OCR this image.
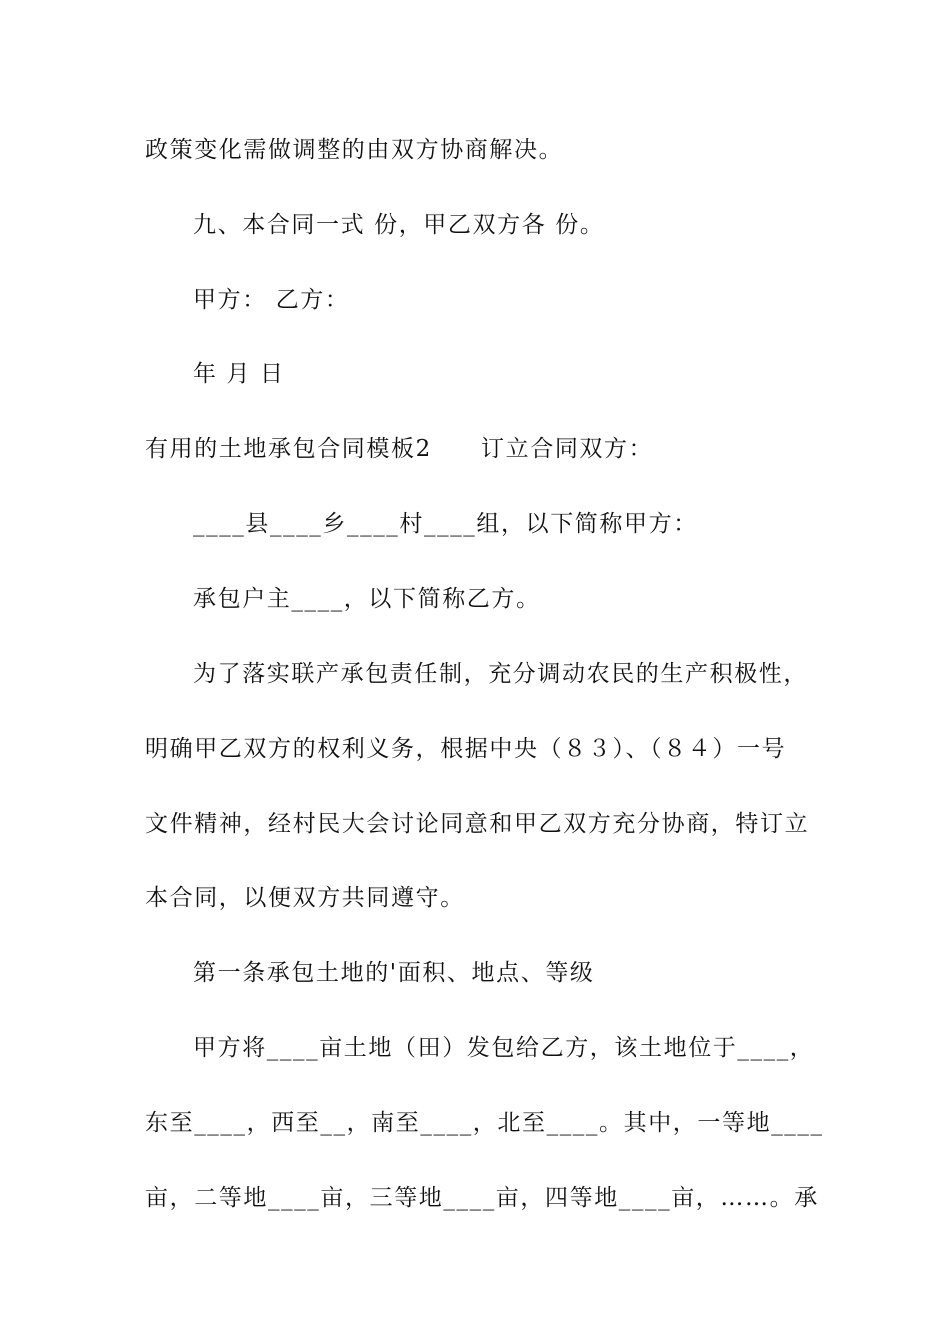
政策变化需做调整的由双方协商解决。
九、本合同一式 份，甲乙双方各 份。
甲方： 乙方：
年 月 日
有用的土地承包合同模板2　　订立合同双方：
____县____乡____村____组，以下简称甲方：
承包户主____，以下简称乙方。
为了落实联产承包责任制，充分调动农民的生产积极性，
明确甲乙双方的权利义务，根据中央（８３）、（８４）一号
文件精神，经村民大会讨论同意和甲乙双方充分协商，特订立
本合同，以便双方共同遵守。
第一条承包土地的'面积、地点、等级
甲方将____亩土地（田）发包给乙方，该土地位于____，
东至____，西至__，南至____，北至____。其中，一等地____
亩，二等地____亩，三等地____亩，四等地____亩，……。承
